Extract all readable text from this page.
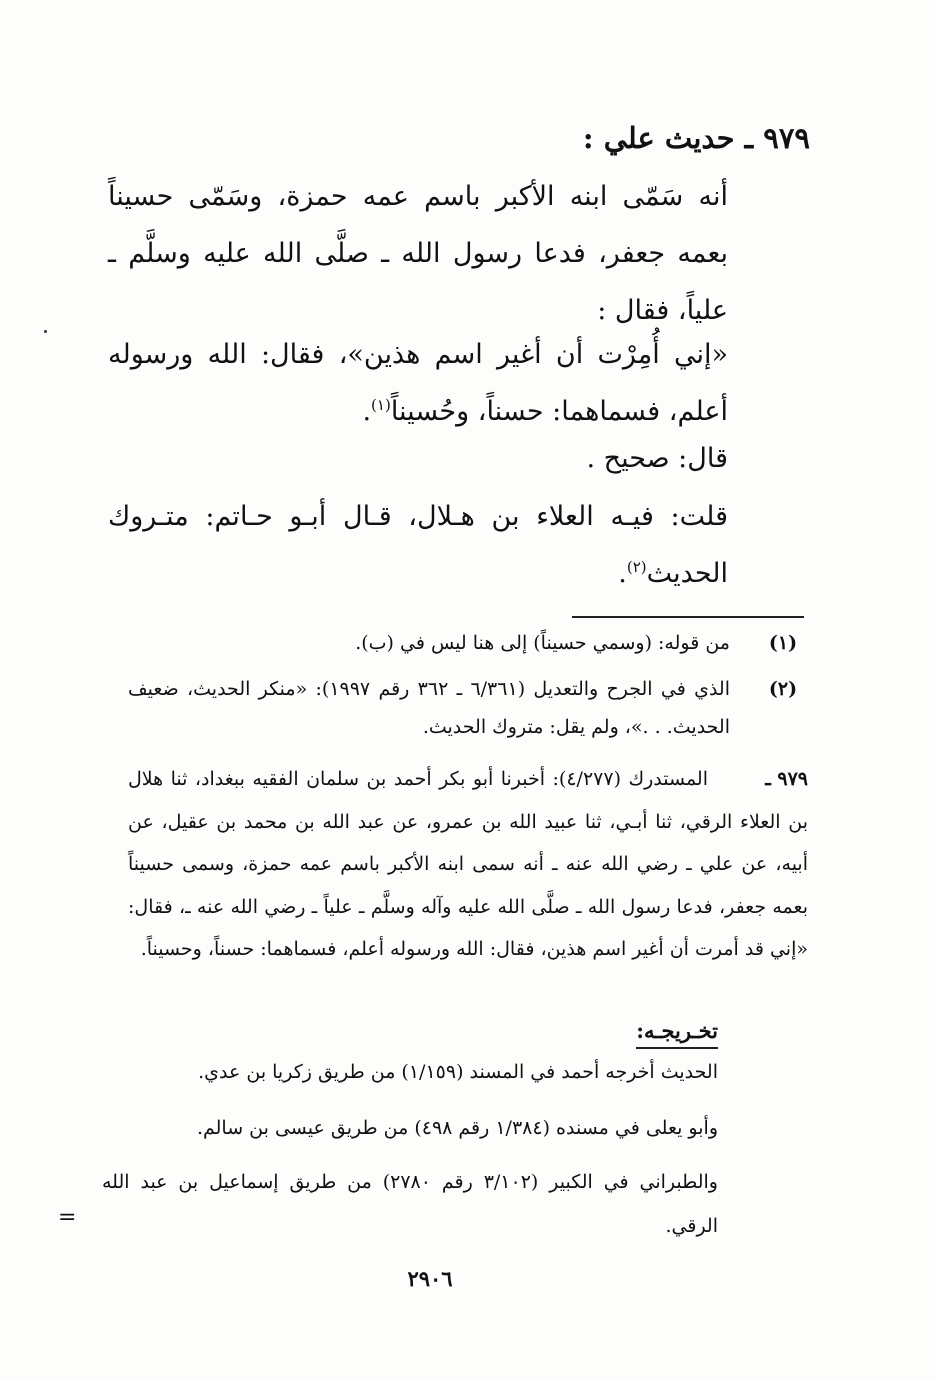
٩٧٩ ـ حديث علي :
أنه سَمّى ابنه الأكبر باسم عمه حمزة، وسَمّى حسيناً بعمه جعفر، فدعا رسول الله ـ صلَّى الله عليه وسلَّم ـ علياً، فقال :
«إني أُمِرْت أن أغير اسم هذين»، فقال: الله ورسوله أعلم، فسماهما: حسناً، وحُسيناً$^{(١)}$.
قال: صحيح .
قلت: فيـه العلاء بن هـلال، قـال أبـو حـاتم: متـروك الحديث$^{(٢)}$.
(١)
من قوله: (وسمي حسيناً) إلى هنا ليس في (ب).
(٢)
الذي في الجرح والتعديل (٦/٣٦١ ـ ٣٦٢ رقم ١٩٩٧): «منكر الحديث، ضعيف الحديث. . .»، ولم يقل: متروك الحديث.
المستدرك (٤/٢٧٧): أخبرنا أبو بكر أحمد بن سلمان الفقيه ببغداد، ثنا هلال بن العلاء الرقي، ثنا أبـي، ثنا عبيد الله بن عمرو، عن عبد الله بن محمد بن عقيل، عن أبيه، عن علي ـ رضي الله عنه ـ أنه سمى ابنه الأكبر باسم عمه حمزة، وسمى حسيناً بعمه جعفر، فدعا رسول الله ـ صلَّى الله عليه وآله وسلَّم ـ علياً ـ رضي الله عنه ـ، فقال: «إني قد أمرت أن أغير اسم هذين، فقال: الله ورسوله أعلم، فسماهما: حسناً، وحسيناً.
٩٧٩ ـ
تخـريجـه:
الحديث أخرجه أحمد في المسند (١/١٥٩) من طريق زكريا بن عدي.
وأبو يعلى في مسنده (١/٣٨٤ رقم ٤٩٨) من طريق عيسى بن سالم.
والطبراني في الكبير (٣/١٠٢ رقم ٢٧٨٠) من طريق إسماعيل بن عبد الله الرقي.
=
٢٩٠٦
